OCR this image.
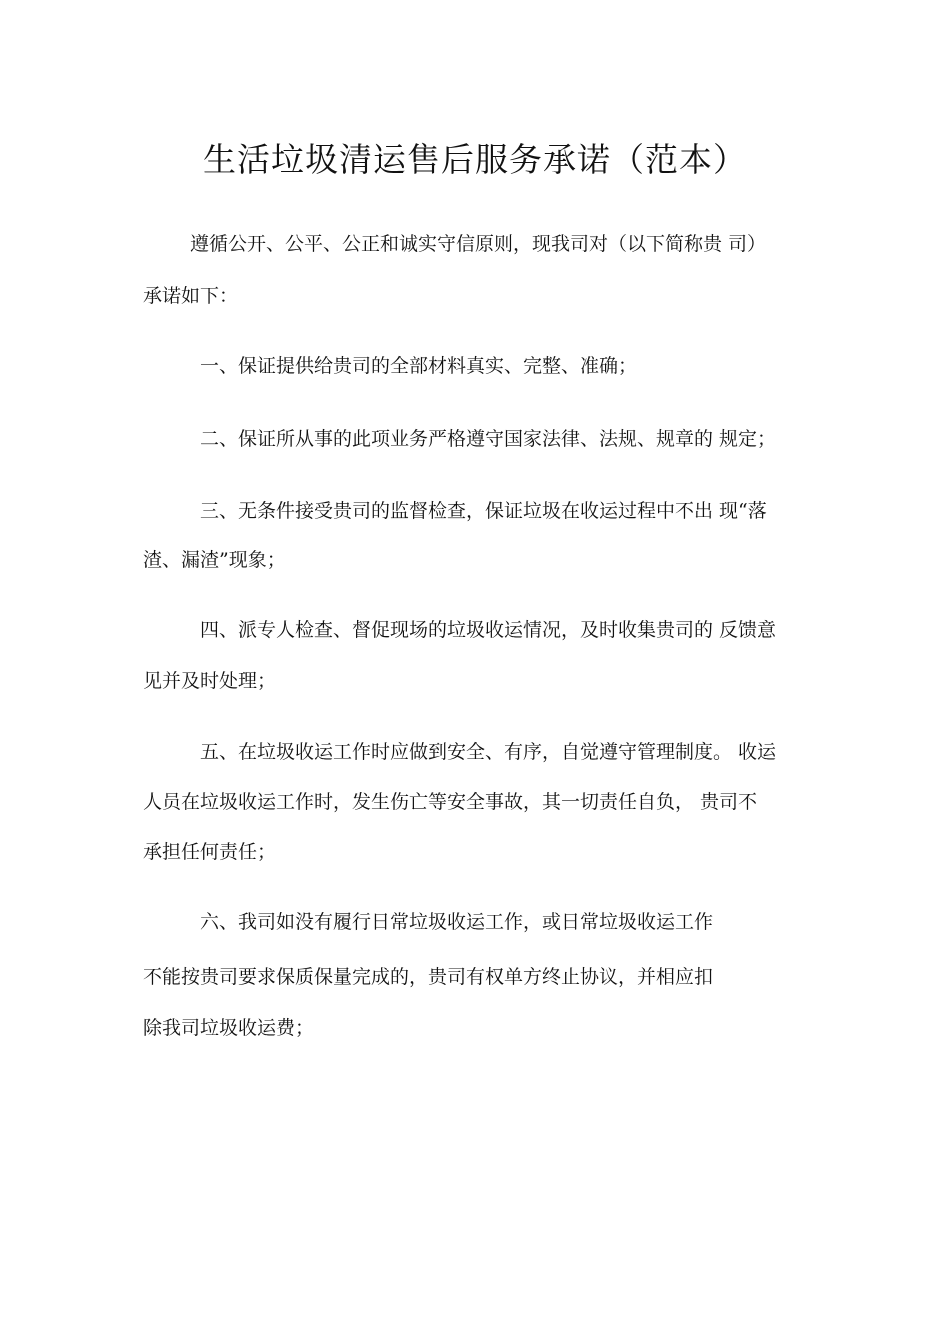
生活垃圾清运售后服务承诺（范本）
遵循公开、公平、公正和诚实守信原则，现我司对（以下简称贵 司）
承诺如下：
一、保证提供给贵司的全部材料真实、完整、准确；
二、保证所从事的此项业务严格遵守国家法律、法规、规章的 规定；
三、无条件接受贵司的监督检查，保证垃圾在收运过程中不出 现“落
渣、漏渣”现象；
四、派专人检查、督促现场的垃圾收运情况，及时收集贵司的 反馈意
见并及时处理；
五、在垃圾收运工作时应做到安全、有序，自觉遵守管理制度。 收运
人员在垃圾收运工作时，发生伤亡等安全事故，其一切责任自负， 贵司不
承担任何责任；
六、我司如没有履行日常垃圾收运工作，或日常垃圾收运工作
不能按贵司要求保质保量完成的，贵司有权单方终止协议，并相应扣
除我司垃圾收运费；
